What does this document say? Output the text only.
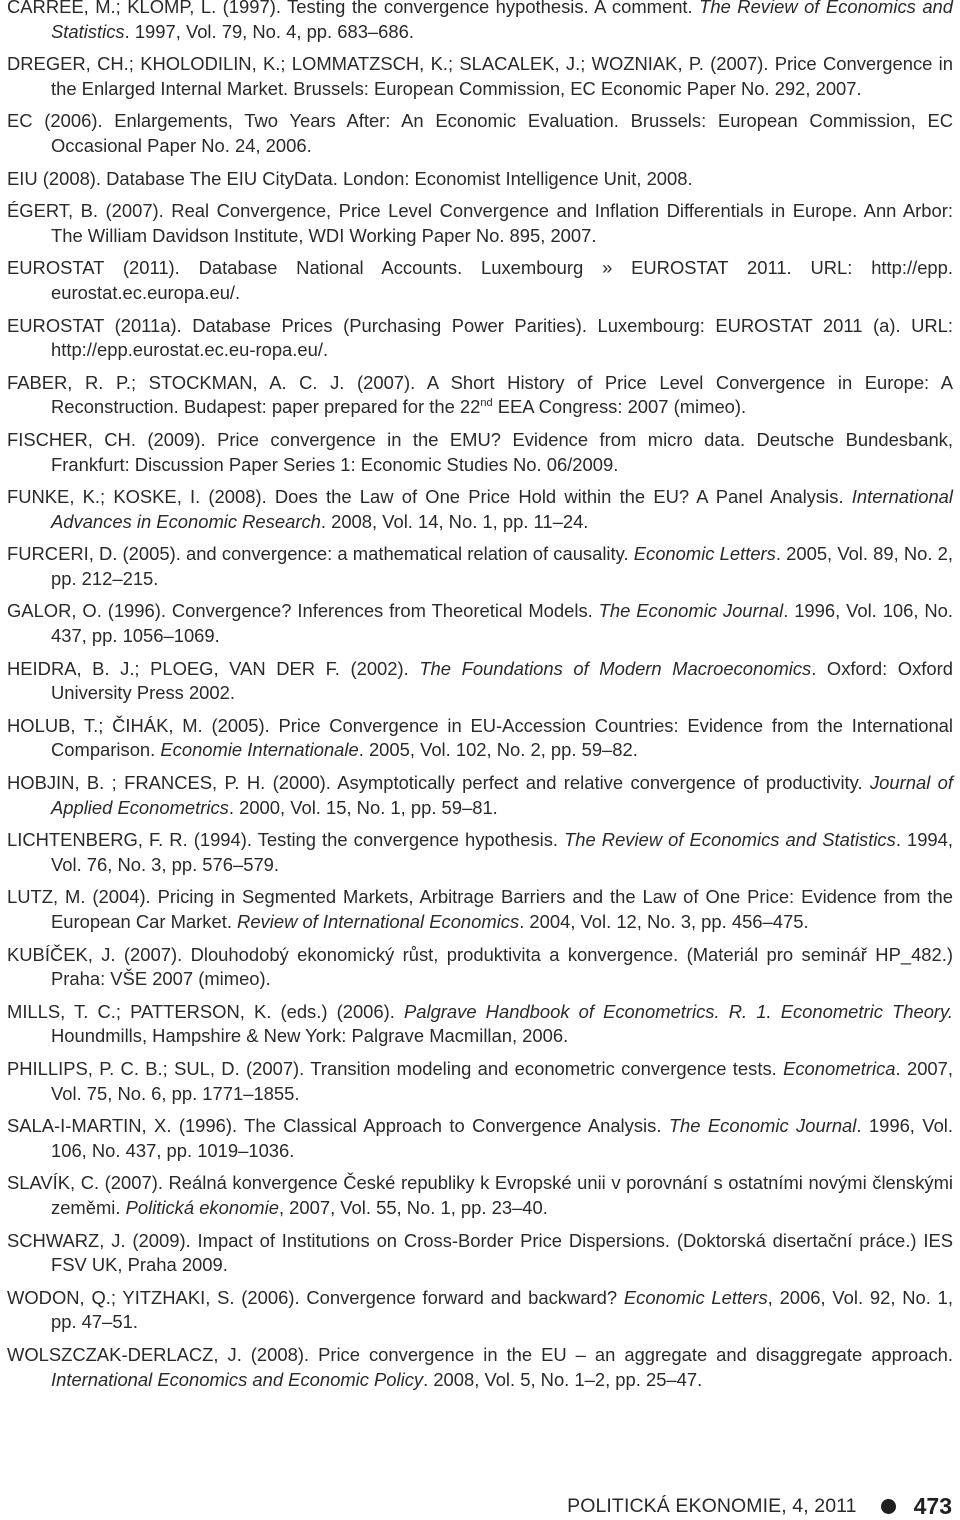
CARREE, M.; KLOMP, L. (1997). Testing the convergence hypothesis. A comment. The Review of Economics and Statistics. 1997, Vol. 79, No. 4, pp. 683–686.
DREGER, CH.; KHOLODILIN, K.; LOMMATZSCH, K.; SLACALEK, J.; WOZNIAK, P. (2007). Price Convergence in the Enlarged Internal Market. Brussels: European Commission, EC Economic Paper No. 292, 2007.
EC (2006). Enlargements, Two Years After: An Economic Evaluation. Brussels: European Commission, EC Occasional Paper No. 24, 2006.
EIU (2008). Database The EIU CityData. London: Economist Intelligence Unit, 2008.
ÉGERT, B. (2007). Real Convergence, Price Level Convergence and Inflation Differentials in Europe. Ann Arbor: The William Davidson Institute, WDI Working Paper No. 895, 2007.
EUROSTAT (2011). Database National Accounts. Luxembourg » EUROSTAT 2011. URL: http://epp. eurostat.ec.europa.eu/.
EUROSTAT (2011a). Database Prices (Purchasing Power Parities). Luxembourg: EUROSTAT 2011 (a). URL: http://epp.eurostat.ec.eu-ropa.eu/.
FABER, R. P.; STOCKMAN, A. C. J. (2007). A Short History of Price Level Convergence in Europe: A Reconstruction. Budapest: paper prepared for the 22nd EEA Congress: 2007 (mimeo).
FISCHER, CH. (2009). Price convergence in the EMU? Evidence from micro data. Deutsche Bundesbank, Frankfurt: Discussion Paper Series 1: Economic Studies No. 06/2009.
FUNKE, K.; KOSKE, I. (2008). Does the Law of One Price Hold within the EU? A Panel Analysis. International Advances in Economic Research. 2008, Vol. 14, No. 1, pp. 11–24.
FURCERI, D. (2005). and convergence: a mathematical relation of causality. Economic Letters. 2005, Vol. 89, No. 2, pp. 212–215.
GALOR, O. (1996). Convergence? Inferences from Theoretical Models. The Economic Journal. 1996, Vol. 106, No. 437, pp. 1056–1069.
HEIDRA, B. J.; PLOEG, VAN DER F. (2002). The Foundations of Modern Macroeconomics. Oxford: Oxford University Press 2002.
HOLUB, T.; ČIHÁK, M. (2005). Price Convergence in EU-Accession Countries: Evidence from the International Comparison. Economie Internationale. 2005, Vol. 102, No. 2, pp. 59–82.
HOBJIN, B. ; FRANCES, P. H. (2000). Asymptotically perfect and relative convergence of productivity. Journal of Applied Econometrics. 2000, Vol. 15, No. 1, pp. 59–81.
LICHTENBERG, F. R. (1994). Testing the convergence hypothesis. The Review of Economics and Statistics. 1994, Vol. 76, No. 3, pp. 576–579.
LUTZ, M. (2004). Pricing in Segmented Markets, Arbitrage Barriers and the Law of One Price: Evidence from the European Car Market. Review of International Economics. 2004, Vol. 12, No. 3, pp. 456–475.
KUBÍČEK, J. (2007). Dlouhodobý ekonomický růst, produktivita a konvergence. (Materiál pro seminář HP_482.) Praha: VŠE 2007 (mimeo).
MILLS, T. C.; PATTERSON, K. (eds.) (2006). Palgrave Handbook of Econometrics. R. 1. Econometric Theory. Houndmills, Hampshire & New York: Palgrave Macmillan, 2006.
PHILLIPS, P. C. B.; SUL, D. (2007). Transition modeling and econometric convergence tests. Econometrica. 2007, Vol. 75, No. 6, pp. 1771–1855.
SALA-I-MARTIN, X. (1996). The Classical Approach to Convergence Analysis. The Economic Journal. 1996, Vol. 106, No. 437, pp. 1019–1036.
SLAVÍK, C. (2007). Reálná konvergence České republiky k Evropské unii v porovnání s ostatními novými členskými zeměmi. Politická ekonomie, 2007, Vol. 55, No. 1, pp. 23–40.
SCHWARZ, J. (2009). Impact of Institutions on Cross-Border Price Dispersions. (Doktorská disertační práce.) IES FSV UK, Praha 2009.
WODON, Q.; YITZHAKI, S. (2006). Convergence forward and backward? Economic Letters, 2006, Vol. 92, No. 1, pp. 47–51.
WOLSZCZAK-DERLACZ, J. (2008). Price convergence in the EU – an aggregate and disaggregate approach. International Economics and Economic Policy. 2008, Vol. 5, No. 1–2, pp. 25–47.
POLITICKÁ EKONOMIE, 4, 2011 473
